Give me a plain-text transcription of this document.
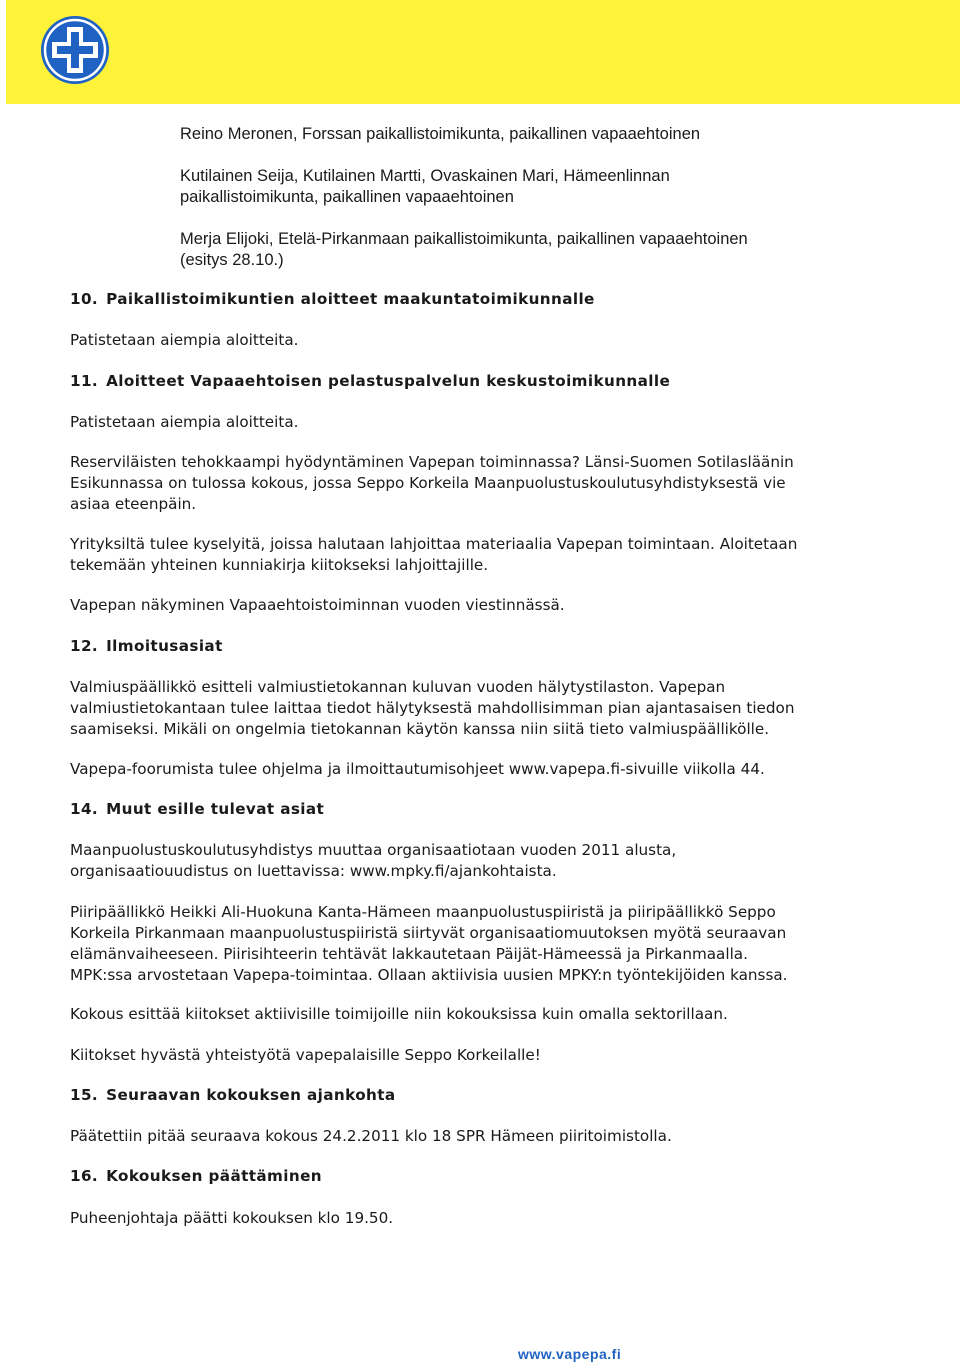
Reino Meronen, Forssan paikallistoimikunta, paikallinen vapaaehtoinen

Kutilainen Seija, Kutilainen Martti, Ovaskainen Mari, Hämeenlinnan
paikallistoimikunta, paikallinen vapaaehtoinen

Merja Elijoki, Etelä-Pirkanmaan paikallistoimikunta, paikallinen vapaaehtoinen
(esitys 28.10.)

10. Paikallistoimikuntien aloitteet maakuntatoimikunnalle

Patistetaan aiempia aloitteita.

11. Aloitteet Vapaaehtoisen pelastuspalvelun keskustoimikunnalle

Patistetaan aiempia aloitteita.

Reserviläisten tehokkaampi hyödyntäminen Vapepan toiminnassa? Länsi-Suomen Sotilasläänin
Esikunnassa on tulossa kokous, jossa Seppo Korkeila Maanpuolustuskoulutusyhdistyksestä vie
asiaa eteenpäin.

Yrityksiltä tulee kyselyitä, joissa halutaan lahjoittaa materiaalia Vapepan toimintaan. Aloitetaan
tekemään yhteinen kunniakirja kiitokseksi lahjoittajille.

Vapepan näkyminen Vapaaehtoistoiminnan vuoden viestinnässä.

12. Ilmoitusasiat

Valmiuspäällikkö esitteli valmiustietokannan kuluvan vuoden hälytystilaston. Vapepan
valmiustietokantaan tulee laittaa tiedot hälytyksestä mahdollisimman pian ajantasaisen tiedon
saamiseksi. Mikäli on ongelmia tietokannan käytön kanssa niin siitä tieto valmiuspäällikölle.

Vapepa-foorumista tulee ohjelma ja ilmoittautumisohjeet www.vapepa.fi-sivuille viikolla 44.

14. Muut esille tulevat asiat

Maanpuolustuskoulutusyhdistys muuttaa organisaatiotaan vuoden 2011 alusta,
organisaatiouudistus on luettavissa: www.mpky.fi/ajankohtaista.

Piiripäällikkö Heikki Ali-Huokuna Kanta-Hämeen maanpuolustuspiiristä ja piiripäällikkö Seppo
Korkeila Pirkanmaan maanpuolustuspiiristä siirtyvät organisaatiomuutoksen myötä seuraavan
elämänvaiheeseen. Piirisihteerin tehtävät lakkautetaan Päijät-Hämeessä ja Pirkanmaalla.
MPK:ssa arvostetaan Vapepa-toimintaa. Ollaan aktiivisia uusien MPKY:n työntekijöiden kanssa.

Kokous esittää kiitokset aktiivisille toimijoille niin kokouksissa kuin omalla sektorillaan.

Kiitokset hyvästä yhteistyötä vapepalaisille Seppo Korkeilalle!

15. Seuraavan kokouksen ajankohta

Päätettiin pitää seuraava kokous 24.2.2011 klo 18 SPR Hämeen piiritoimistolla.

16. Kokouksen päättäminen

Puheenjohtaja päätti kokouksen klo 19.50.

www.vapepa.fi
